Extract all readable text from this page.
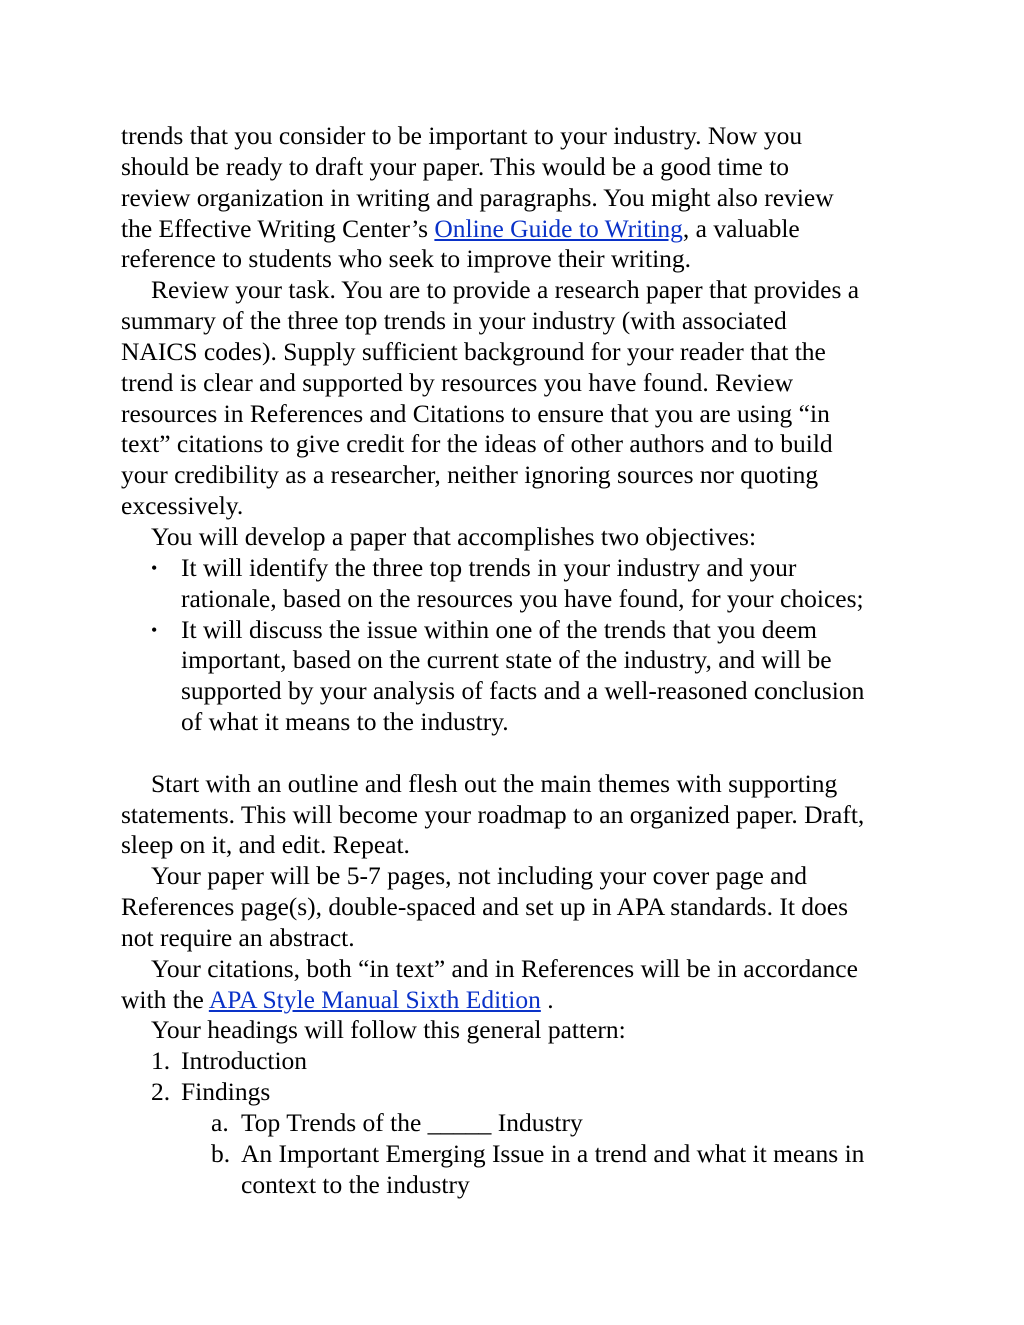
trends that you consider to be important to your industry. Now you
should be ready to draft your paper. This would be a good time to
review organization in writing and paragraphs. You might also review
the Effective Writing Center’s Online Guide to Writing, a valuable
reference to students who seek to improve their writing.

Review your task. You are to provide a research paper that provides a
summary of the three top trends in your industry (with associated
NAICS codes). Supply sufficient background for your reader that the
trend is clear and supported by resources you have found. Review
resources in References and Citations to ensure that you are using “in
text” citations to give credit for the ideas of other authors and to build
your credibility as a researcher, neither ignoring sources nor quoting
excessively.

You will develop a paper that accomplishes two objectives:

• It will identify the three top trends in your industry and your
rationale, based on the resources you have found, for your choices;
• It will discuss the issue within one of the trends that you deem
important, based on the current state of the industry, and will be
supported by your analysis of facts and a well-reasoned conclusion
of what it means to the industry.

Start with an outline and flesh out the main themes with supporting
statements. This will become your roadmap to an organized paper. Draft,
sleep on it, and edit. Repeat.

Your paper will be 5-7 pages, not including your cover page and
References page(s), double-spaced and set up in APA standards. It does
not require an abstract.

Your citations, both “in text” and in References will be in accordance
with the APA Style Manual Sixth Edition .

Your headings will follow this general pattern:

1. Introduction
2. Findings
a. Top Trends of the _____ Industry
b. An Important Emerging Issue in a trend and what it means in
context to the industry
